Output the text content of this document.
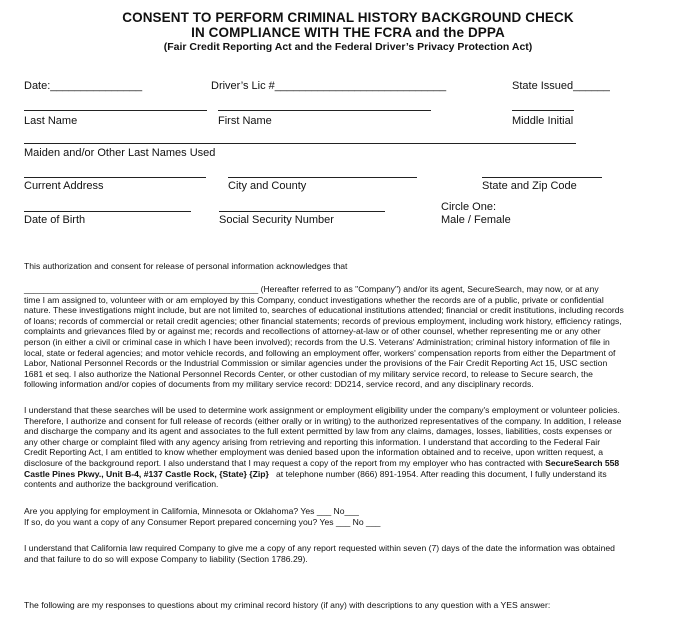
CONSENT TO PERFORM CRIMINAL HISTORY BACKGROUND CHECK
IN COMPLIANCE WITH THE FCRA and the DPPA
(Fair Credit Reporting Act and the Federal Driver’s Privacy Protection Act)
Date:_______________	Driver’s Lic #____________________________	State Issued______
Last Name	First Name	Middle Initial
Maiden and/or Other Last Names Used
Current Address	City and County	State and Zip Code
Circle One:
Date of Birth	Social Security Number	Male / Female
This authorization and consent for release of personal information acknowledges that
_________________________________________________ (Hereafter referred to as "Company") and/or its agent, SecureSearch, may now, or at any
time I am assigned to, volunteer with or am employed by this Company, conduct investigations whether the records are of a public, private or confidential
nature. These investigations might include, but are not limited to, searches of educational institutions attended; financial or credit institutions, including records
of loans; records of commercial or retail credit agencies; other financial statements; records of previous employment, including work history, efficiency ratings,
complaints and grievances filed by or against me; records and recollections of attorney-at-law or of other counsel, whether representing me or any other
person (in either a civil or criminal case in which I have been involved); records from the U.S. Veterans' Administration; criminal history information of file in
local, state or federal agencies; and motor vehicle records, and following an employment offer, workers' compensation reports from either the Department of
Labor, National Personnel Records or the Industrial Commission or similar agencies under the provisions of the Fair Credit Reporting Act 15, USC section
1681 et seq. I also authorize the National Personnel Records Center, or other custodian of my military service record, to release to Secure search, the
following information and/or copies of documents from my military service record: DD214, service record, and any disciplinary records.
I understand that these searches will be used to determine work assignment or employment eligibility under the company's employment or volunteer policies.
Therefore, I authorize and consent for full release of records (either orally or in writing) to the authorized representatives of the company. In addition, I release
and discharge the company and its agent and associates to the full extent permitted by law from any claims, damages, losses, liabilities, costs expenses or
any other charge or complaint filed with any agency arising from retrieving and reporting this information. I understand that according to the Federal Fair
Credit Reporting Act, I am entitled to know whether employment was denied based upon the information obtained and to receive, upon written request, a
disclosure of the background report. I also understand that I may request a copy of the report from my employer who has contracted with SecureSearch 558
Castle Pines Pkwy., Unit B-4, #137 Castle Rock, {State} {Zip} at telephone number (866) 891-1954. After reading this document, I fully understand its
contents and authorize the background verification.
Are you applying for employment in California, Minnesota or Oklahoma? Yes ___ No___
If so, do you want a copy of any Consumer Report prepared concerning you? Yes ___ No ___
I understand that California law required Company to give me a copy of any report requested within seven (7) days of the date the information was obtained
and that failure to do so will expose Company to liability (Section 1786.29).
The following are my responses to questions about my criminal record history (if any) with descriptions to any question with a YES answer:
